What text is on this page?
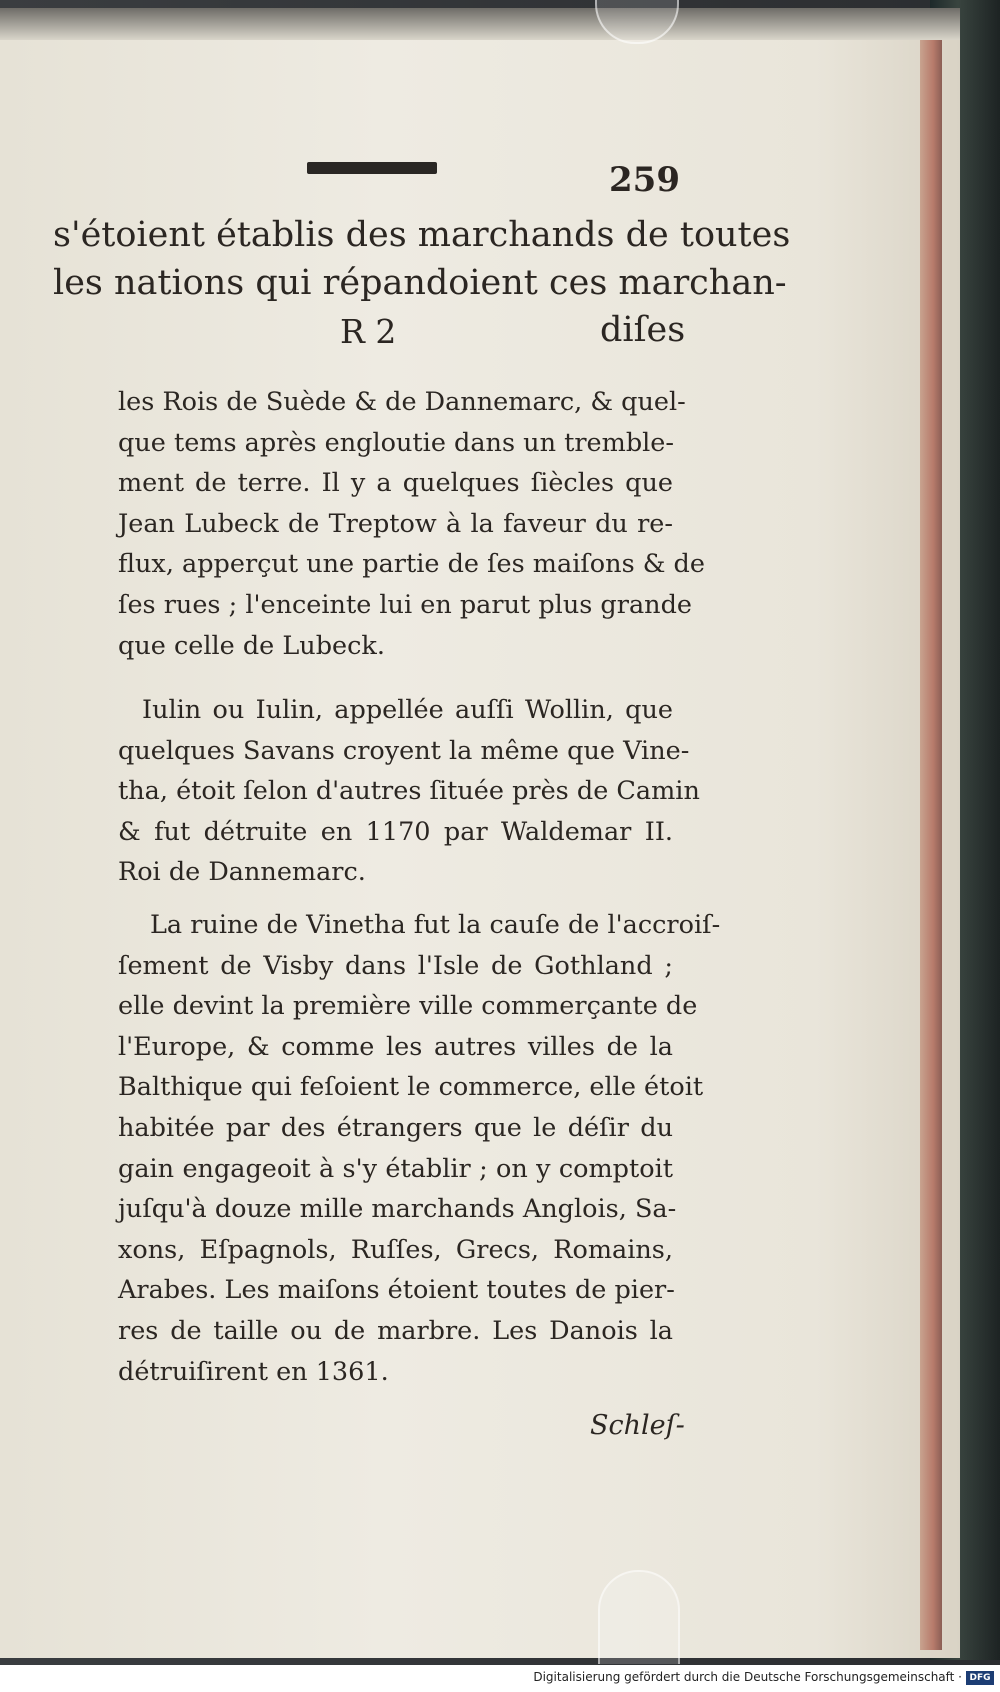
259
s'étoient établis des marchands de toutes
les nations qui répandoient ces marchan-
R 2	diſes
les Rois de Suède & de Dannemarc, & quel-
que tems après engloutie dans un tremble-
ment de terre. Il y a quelques ſiècles que
Jean Lubeck de Treptow à la faveur du re-
flux, apperçut une partie de ſes maiſons & de
ſes rues ; l'enceinte lui en parut plus grande
que celle de Lubeck.
Iulin ou Iulin, appellée auſſi Wollin, que
quelques Savans croyent la même que Vine-
tha, étoit ſelon d'autres ſituée près de Camin
& fut détruite en 1170 par Waldemar II.
Roi de Dannemarc.
La ruine de Vinetha fut la cauſe de l'accroiſ-
ſement de Visby dans l'Isle de Gothland ;
elle devint la première ville commerçante de
l'Europe, & comme les autres villes de la
Balthique qui feſoient le commerce, elle étoit
habitée par des étrangers que le déſir du
gain engageoit à s'y établir ; on y comptoit
juſqu'à douze mille marchands Anglois, Sa-
xons, Eſpagnols, Ruſſes, Grecs, Romains,
Arabes. Les maiſons étoient toutes de pier-
res de taille ou de marbre. Les Danois la
détruiſirent en 1361.
Schleſ-
Digitalisierung gefördert durch die Deutsche Forschungsgemeinschaft · DFG
